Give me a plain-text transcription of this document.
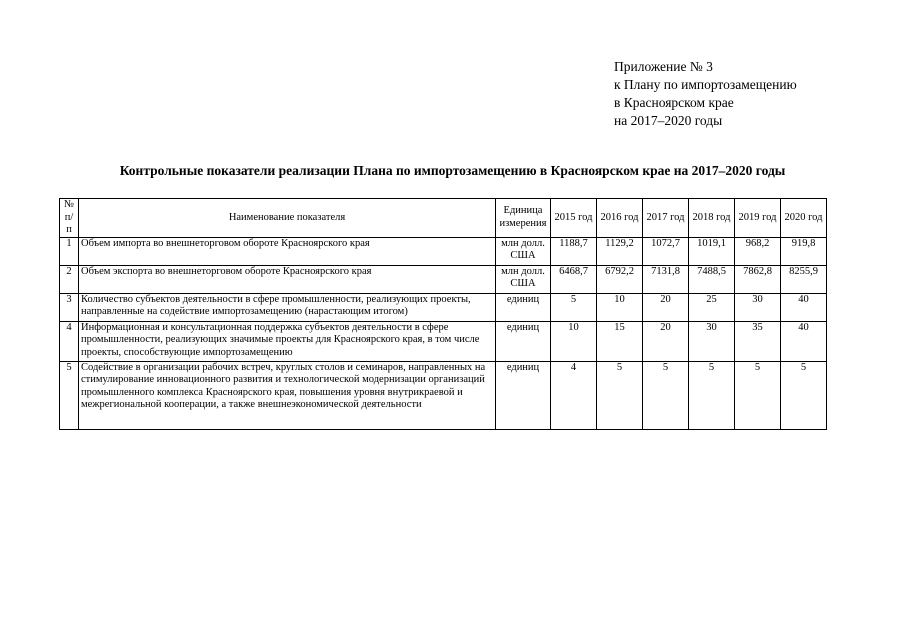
Приложение № 3
к Плану по импортозамещению
в Красноярском крае
на 2017–2020 годы
Контрольные показатели реализации Плана по импортозамещению в Красноярском крае на 2017–2020 годы
№ п/п	Наименование показателя	Единица измерения	2015 год	2016 год	2017 год	2018 год	2019 год	2020 год
1	Объем импорта во внешнеторговом обороте Красноярского края	млн долл. США	1188,7	1129,2	1072,7	1019,1	968,2	919,8
2	Объем экспорта во внешнеторговом обороте Красноярского края	млн долл. США	6468,7	6792,2	7131,8	7488,5	7862,8	8255,9
3	Количество субъектов деятельности в сфере промышленности, реализующих проекты, направленные на содействие импортозамещению (нарастающим итогом)	единиц	5	10	20	25	30	40
4	Информационная и консультационная поддержка субъектов деятельности в сфере промышленности, реализующих значимые проекты для Красноярского края, в том числе проекты, способствующие импортозамещению	единиц	10	15	20	30	35	40
5	Содействие в организации рабочих встреч, круглых столов и семинаров, направленных на стимулирование инновационного развития и технологической модернизации организаций промышленного комплекса Красноярского края, повышения уровня внутрикраевой и межрегиональной кооперации, а также внешнеэкономической деятельности	единиц	4	5	5	5	5	5
